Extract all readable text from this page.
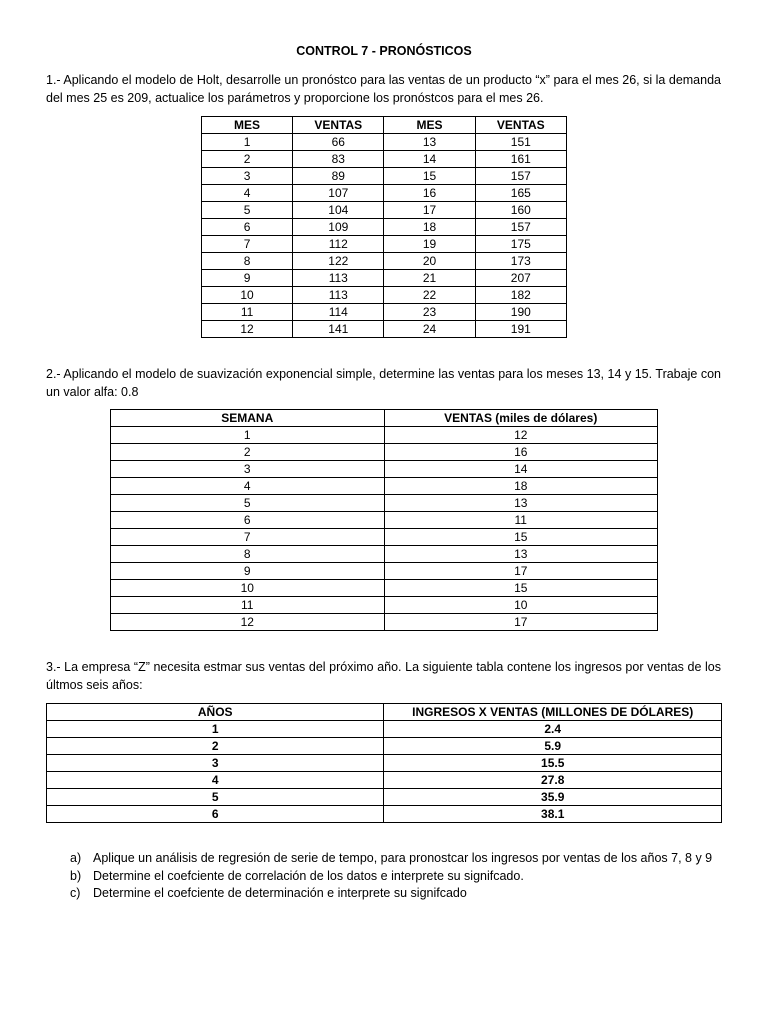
CONTROL 7 - PRONÓSTICOS
1.- Aplicando el modelo de Holt, desarrolle un pronóstco para las ventas de un producto “x” para el mes 26, si la demanda del mes 25 es 209, actualice los parámetros y proporcione los pronóstcos para el mes 26.
MES	VENTAS	MES	VENTAS
1	66	13	151
2	83	14	161
3	89	15	157
4	107	16	165
5	104	17	160
6	109	18	157
7	112	19	175
8	122	20	173
9	113	21	207
10	113	22	182
11	114	23	190
12	141	24	191
2.- Aplicando el modelo de suavización exponencial simple, determine las ventas para los meses 13, 14 y 15. Trabaje con un valor alfa: 0.8
SEMANA	VENTAS (miles de dólares)
1	12
2	16
3	14
4	18
5	13
6	11
7	15
8	13
9	17
10	15
11	10
12	17
3.- La empresa “Z” necesita estmar sus ventas del próximo año. La siguiente tabla contene los ingresos por ventas de los últmos seis años:
AÑOS	INGRESOS X VENTAS (MILLONES DE DÓLARES)
1	2.4
2	5.9
3	15.5
4	27.8
5	35.9
6	38.1
a) Aplique un análisis de regresión de serie de tempo, para pronostcar los ingresos por ventas de los años 7, 8 y 9
b) Determine el coefciente de correlación de los datos e interprete su signifcado.
c) Determine el coefciente de determinación e interprete su signifcado
